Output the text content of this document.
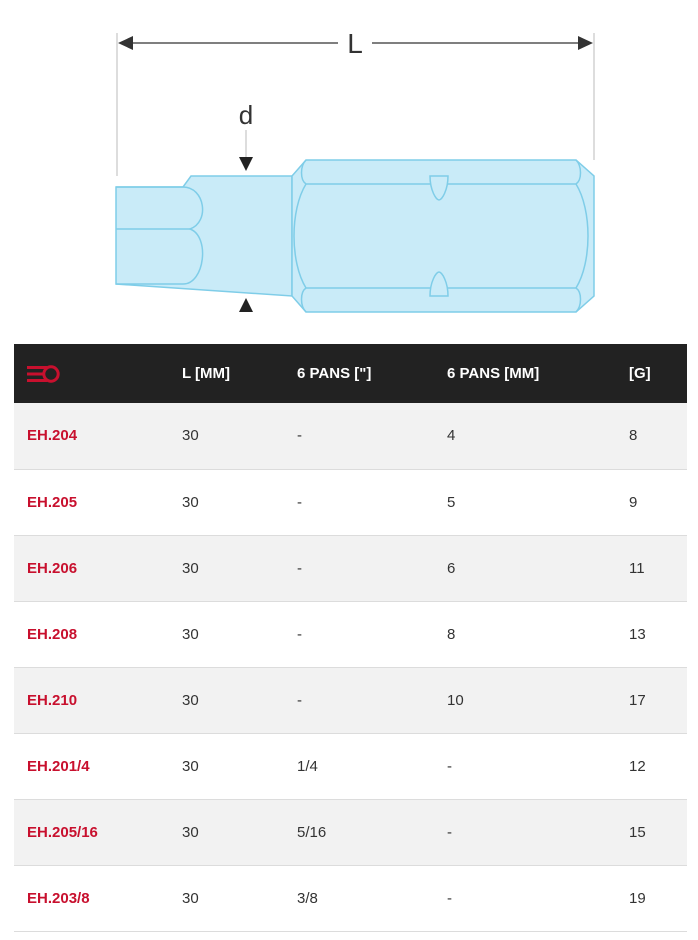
L
d
	L [MM]	6 PANS ["]	6 PANS [MM]	[G]
EH.204	30	-	4	8
EH.205	30	-	5	9
EH.206	30	-	6	11
EH.208	30	-	8	13
EH.210	30	-	10	17
EH.201/4	30	1/4	-	12
EH.205/16	30	5/16	-	15
EH.203/8	30	3/8	-	19
